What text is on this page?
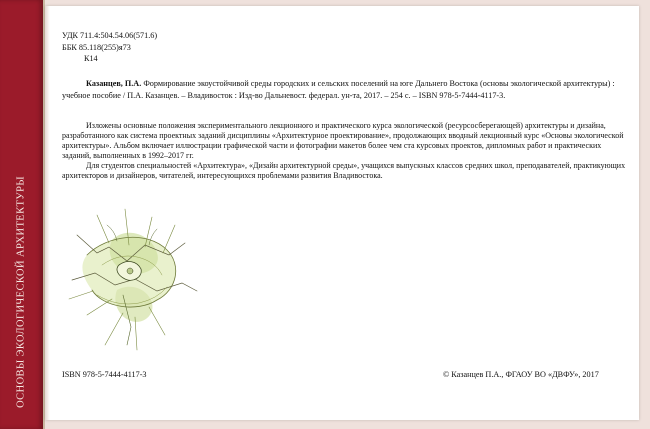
ОСНОВЫ ЭКОЛОГИЧЕСКОЙ АРХИТЕКТУРЫ
УДК 711.4:504.54.06(571.6)
ББК 85.118(255)я73
К14
Казанцев, П.А. Формирование экоустойчивой среды городских и сельских поселений на юге Дальнего Востока (основы экологической архитектуры) : учебное пособие / П.А. Казанцев. – Владивосток : Изд-во Дальневост. федерал. ун-та, 2017. – 254 с. – ISBN 978-5-7444-4117-3.

Изложены основные положения экспериментального лекционного и практического курса экологической (ресурсосберегающей) архитектуры и дизайна, разработанного как система проектных заданий дисциплины «Архитектурное проектирование», продолжающих вводный лекционный курс «Основы экологической архитектуры». Альбом включает иллюстрации графической части и фотографии макетов более чем ста курсовых проектов, дипломных работ и практических заданий, выполненных в 1992–2017 гг.

Для студентов специальностей «Архитектура», «Дизайн архитектурной среды», учащихся выпускных классов средних школ, преподавателей, практикующих архитекторов и дизайнеров, читателей, интересующихся проблемами развития Владивостока.

ISBN 978-5-7444-4117-3	© Казанцев П.А., ФГАОУ ВО «ДВФУ», 2017
